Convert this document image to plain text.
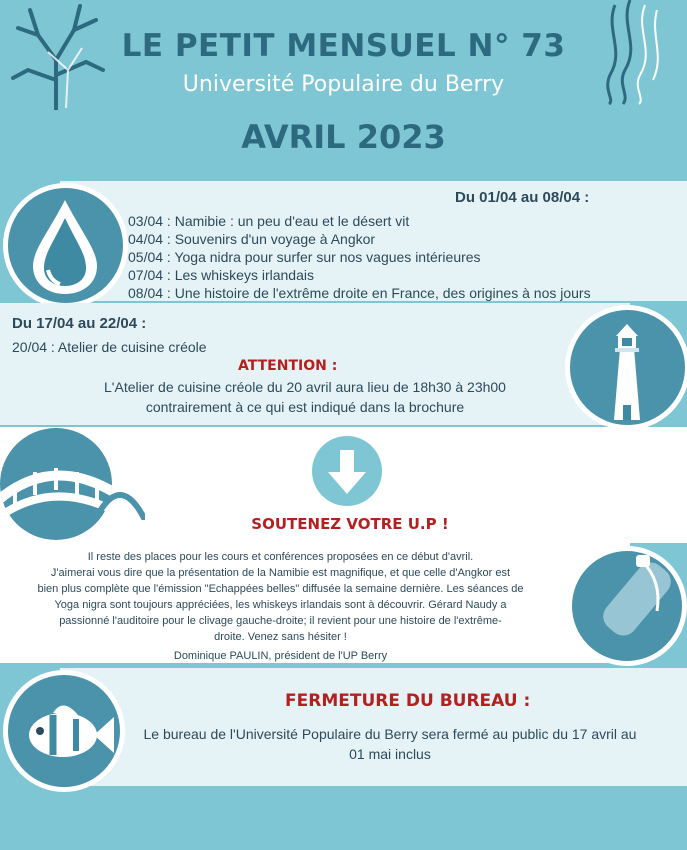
LE PETIT MENSUEL N° 73
Université Populaire du Berry
AVRIL 2023
Du 01/04 au 08/04 :
03/04 : Namibie : un peu d'eau et le désert vit
04/04 : Souvenirs d'un voyage à Angkor
05/04 : Yoga nidra pour surfer sur nos vagues intérieures
07/04 : Les whiskeys irlandais
08/04 : Une histoire de l'extrême droite en France, des origines à nos jours
Du 17/04 au 22/04 :
20/04 : Atelier de cuisine créole
ATTENTION :
L'Atelier de cuisine créole du 20 avril aura lieu de 18h30 à 23h00
contrairement à ce qui est indiqué dans la brochure
SOUTENEZ VOTRE U.P !
Il reste des places pour les cours et conférences proposées en ce début d'avril.
J'aimerai vous dire que la présentation de la Namibie est magnifique, et que celle d'Angkor est
bien plus complète que l'émission "Echappées belles" diffusée la semaine dernière. Les séances de
Yoga nigra sont toujours appréciées, les whiskeys irlandais sont à découvrir. Gérard Naudy a
passionné l'auditoire pour le clivage gauche-droite; il revient pour une histoire de l'extrême-
droite. Venez sans hésiter !
Dominique PAULIN, président de l'UP Berry
FERMETURE DU BUREAU :
Le bureau de l'Université Populaire du Berry sera fermé au public du 17 avril au
01 mai inclus
